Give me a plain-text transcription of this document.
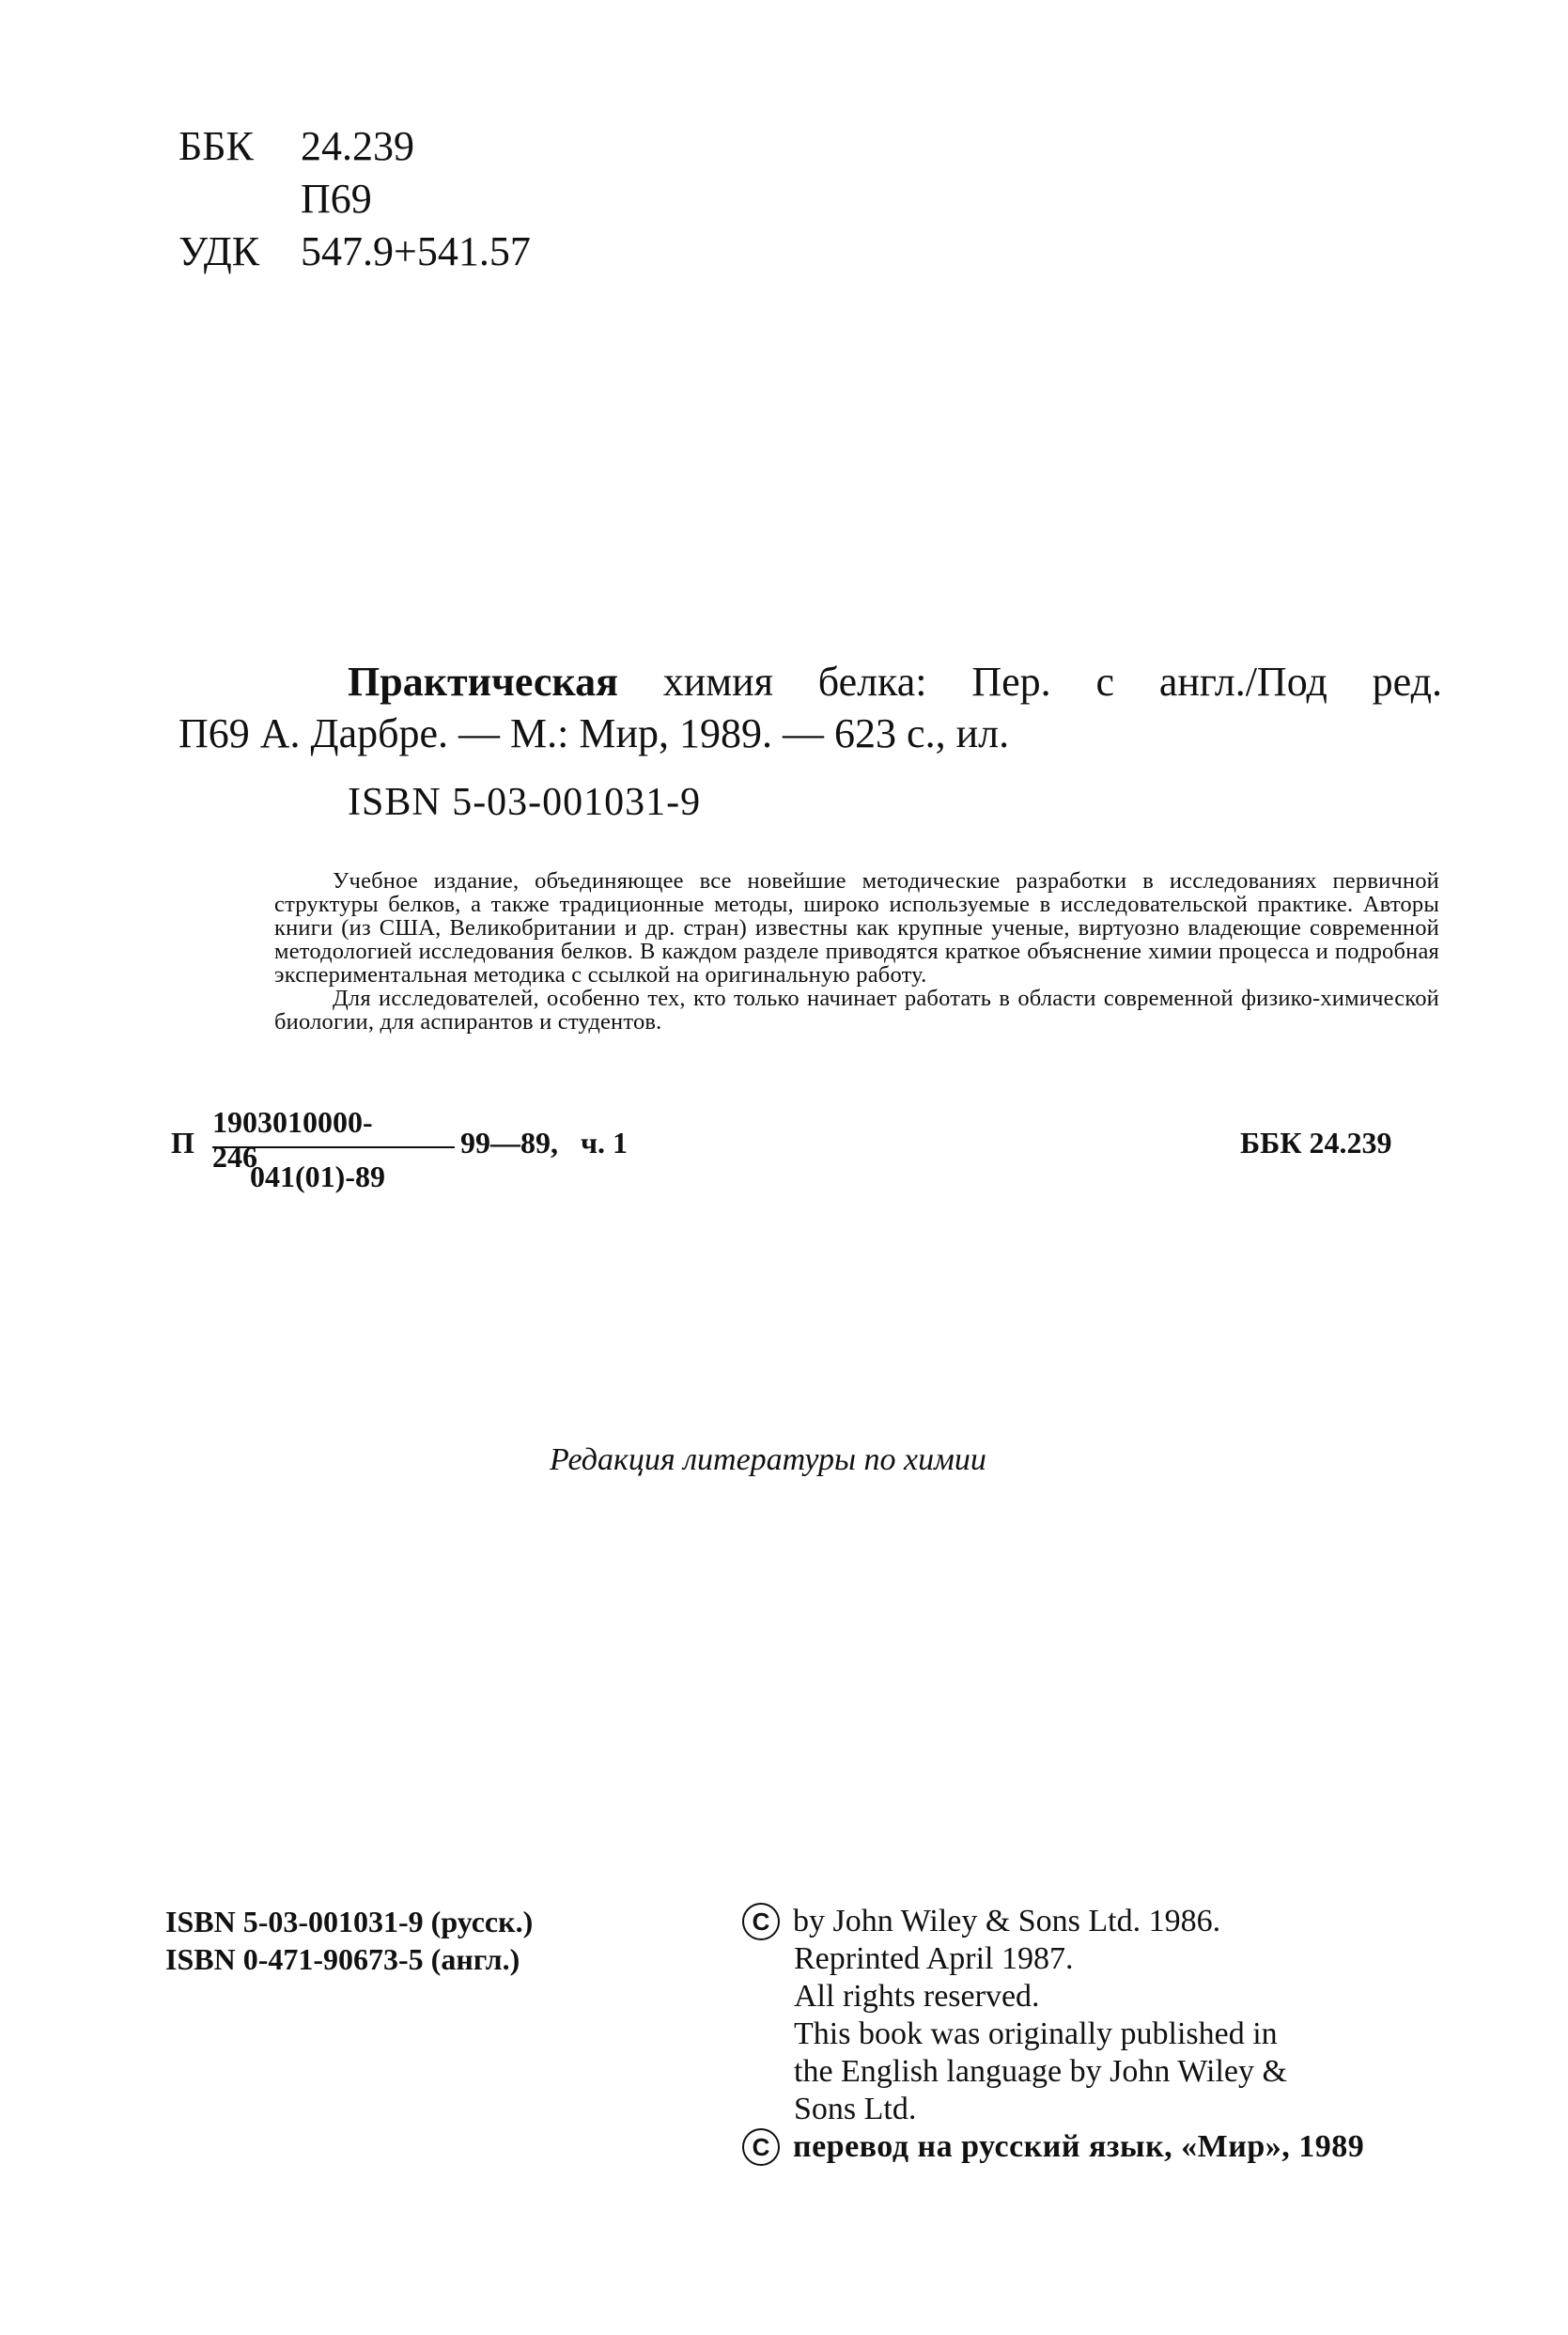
ББК	24.239
П69
УДК 547.9+541.57
Практическая химия белка: Пер. с англ./Под ред.
П69 А. Дарбре. — М.: Мир, 1989. — 623 с., ил.
ISBN 5-03-001031-9

Учебное издание, объединяющее все новейшие методические разработки в исследованиях первичной структуры белков, а также традиционные методы, широко используемые в исследовательской практике. Авторы книги (из США, Великобритании и др. стран) известны как крупные ученые, виртуозно владеющие современной методологией исследования белков. В каждом разделе приводятся краткое объяснение химии процесса и подробная экспериментальная методика с ссылкой на оригинальную работу.

Для исследователей, особенно тех, кто только начинает работать в области современной физико-химической биологии, для аспирантов и студентов.

П
1903010000-246
041(01)-89
99—89,   ч. 1	ББК 24.239
Редакция литературы по химии
ISBN 5-03-001031-9 (русск.)
ISBN 0-471-90673-5 (англ.)
C by John Wiley & Sons Ltd. 1986.
Reprinted April 1987.
All rights reserved.
This book was originally published in
the English language by John Wiley &
Sons Ltd.
C перевод на русский язык, «Мир», 1989
